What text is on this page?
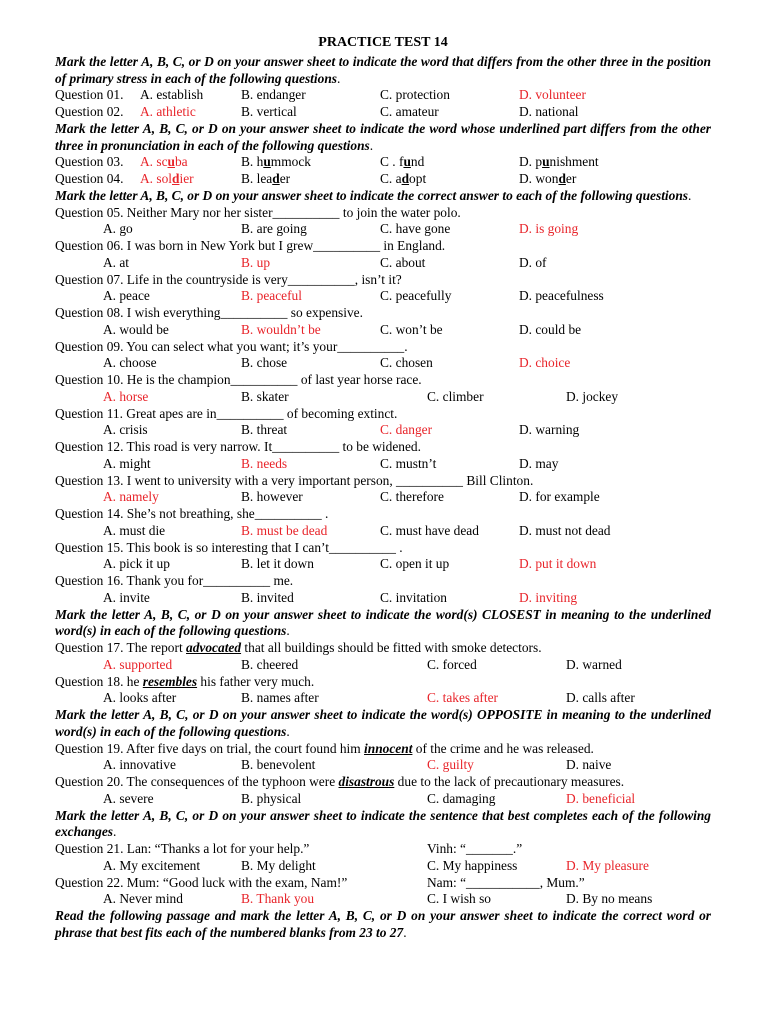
PRACTICE TEST 14
Mark the letter A, B, C, or D on your answer sheet to indicate the word that differs from the other three in the position of primary stress in each of the following questions.
Question 01. A. establish	B. endanger	C. protection	D. volunteer
Question 02. A. athletic	B. vertical	C. amateur	D. national
Mark the letter A, B, C, or D on your answer sheet to indicate the word whose underlined part differs from the other three in pronunciation in each of the following questions.
Question 03. A. scuba	B. hummock	C . fund	D. punishment
Question 04. A. soldier	B. leader	C. adopt	D. wonder
Mark the letter A, B, C, or D on your answer sheet to indicate the correct answer to each of the following questions.
Question 05. Neither Mary nor her sister__________ to join the water polo.
A. go	B. are going	C. have gone	D. is going
Question 06. I was born in New York but I grew__________ in England.
A. at	B. up	C. about	D. of
Question 07. Life in the countryside is very__________, isn’t it?
A. peace	B. peaceful	C. peacefully	D. peacefulness
Question 08. I wish everything__________ so expensive.
A. would be	B. wouldn’t be	C. won’t be	D. could be
Question 09. You can select what you want; it’s your__________.
A. choose	B. chose	C. chosen	D. choice
Question 10. He is the champion__________ of last year horse race.
A. horse	B. skater	C. climber	D. jockey
Question 11. Great apes are in__________ of becoming extinct.
A. crisis	B. threat	C. danger	D. warning
Question 12. This road is very narrow. It__________ to be widened.
A. might	B. needs	C. mustn’t	D. may
Question 13. I went to university with a very important person, __________ Bill Clinton.
A. namely	B. however	C. therefore	D. for example
Question 14. She’s not breathing, she__________ .
A. must die	B. must be dead	C. must have dead	D. must not dead
Question 15. This book is so interesting that I can’t__________ .
A. pick it up	B. let it down	C. open it up	D. put it down
Question 16. Thank you for__________ me.
A. invite	B. invited	C. invitation	D. inviting
Mark the letter A, B, C, or D on your answer sheet to indicate the word(s) CLOSEST in meaning to the underlined word(s) in each of the following questions.
Question 17. The report advocated that all buildings should be fitted with smoke detectors.
A. supported	B. cheered	C. forced	D. warned
Question 18. he resembles his father very much.
A. looks after	B. names after	C. takes after	D. calls after
Mark the letter A, B, C, or D on your answer sheet to indicate the word(s) OPPOSITE in meaning to the underlined word(s) in each of the following questions.
Question 19. After five days on trial, the court found him innocent of the crime and he was released.
A. innovative	B. benevolent	C. guilty	D. naive
Question 20. The consequences of the typhoon were disastrous due to the lack of precautionary measures.
A. severe	B. physical	C. damaging	D. beneficial
Mark the letter A, B, C, or D on your answer sheet to indicate the sentence that best completes each of the following exchanges.
Question 21. Lan: “Thanks a lot for your help.”	Vinh: “_______.”
A. My excitement	B. My delight	C. My happiness	D. My pleasure
Question 22. Mum: “Good luck with the exam, Nam!”	Nam: “___________, Mum.”
A. Never mind	B. Thank you	C. I wish so	D. By no means
Read the following passage and mark the letter A, B, C, or D on your answer sheet to indicate the correct word or phrase that best fits each of the numbered blanks from 23 to 27.
